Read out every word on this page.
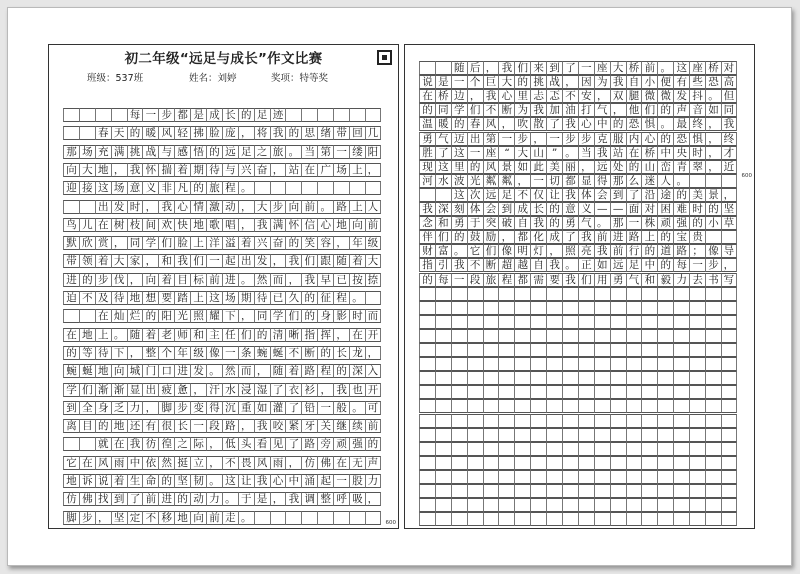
初二年级“远足与成长”作文比赛
班级：537班	姓名：刘婷	奖项：特等奖
每 一 步 都 是 成 长 的 足 迹
春 天 的 暖 风 轻 拂 脸 庞 ， 将 我 的 思 绪 带 回 几
那 场 充 满 挑 战 与 感 悟 的 远 足 之 旅 。 当 第 一 缕 阳
向 大 地 ， 我 怀 揣 着 期 待 与 兴 奋 ， 站 在 广 场 上 ，
迎 接 这 场 意 义 非 凡 的 旅 程 。
出 发 时 ， 我 心 情 激 动 ， 大 步 向 前 。 路 上 人
鸟 儿 在 树 枝 间 欢 快 地 歌 唱 ， 我 满 怀 信 心 地 向 前
默 欣 赏 ， 同 学 们 脸 上 洋 溢 着 兴 奋 的 笑 容 ， 年 级
带 领 着 大 家 ， 和 我 们 一 起 出 发 ， 我 们 跟 随 着 大
进 的 步 伐 ， 向 着 目 标 前 进 。 然 而 ， 我 早 已 按 捺
迫 不 及 待 地 想 要 踏 上 这 场 期 待 已 久 的 征 程 。
在 灿 烂 的 阳 光 照 耀 下 ， 同 学 们 的 身 影 时 而
在 地 上 。 随 着 老 师 和 主 任 们 的 清 晰 指 挥 ， 在 开
的 等 待 下 ， 整 个 年 级 像 一 条 蜿 蜒 不 断 的 长 龙 ，
蜿 蜒 地 向 城 门 口 进 发 。 然 而 ， 随 着 路 程 的 深 入
学 们 渐 渐 显 出 疲 惫 ， 汗 水 浸 湿 了 衣 衫 ， 我 也 开
到 全 身 乏 力 ， 脚 步 变 得 沉 重 如 灌 了 铅 一 般 。 可
离 目 的 地 还 有 很 长 一 段 路 ， 我 咬 紧 牙 关 继 续 前
就 在 我 彷 徨 之 际 ， 低 头 看 见 了 路 旁 顽 强 的
它 在 风 雨 中 依 然 挺 立 ， 不 畏 风 雨 ， 仿 佛 在 无 声
地 诉 说 着 生 命 的 坚 韧 。 这 让 我 心 中 涌 起 一 股 力
仿 佛 找 到 了 前 进 的 动 力 。 于 是 ， 我 调 整 呼 吸 ，
脚 步 ， 坚 定 不 移 地 向 前 走 。	600
随 后 ， 我 们 来 到 了 一 座 大 桥 前 。 这 座 桥 对
说 是 一 个 巨 大 的 挑 战 ， 因 为 我 自 小 便 有 些 恐 高
在 桥 边 ， 我 心 里 忐 忑 不 安 ， 双 腿 微 微 发 抖 。 但
的 同 学 们 不 断 为 我 加 油 打 气 ， 他 们 的 声 音 如 同
温 暖 的 春 风 ， 吹 散 了 我 心 中 的 恐 惧 。 最 终 ， 我
勇 气 迈 出 第 一 步 ， 一 步 步 克 服 内 心 的 恐 惧 ， 终
胜 了 这 一 座 “ 大 山 ” 。 当 我 站 在 桥 中 央 时 ， 才
现 这 里 的 风 景 如 此 美 丽 ， 远 处 的 山 峦 青 翠 ， 近
河 水 波 光 粼 粼 ， 一 切 都 显 得 那 么 迷 人 。
这 次 远 足 不 仅 让 我 体 会 到 了 沿 途 的 美 景 ，
我 深 刻 体 会 到 成 长 的 意 义 — — 面 对 困 难 时 的 坚
念 和 勇 于 突 破 自 我 的 勇 气 。 那 一 株 顽 强 的 小 草
伴 们 的 鼓 励 ， 都 化 成 了 我 前 进 路 上 的 宝 贵
财 富 。 它 们 像 明 灯 ， 照 亮 我 前 行 的 道 路 ； 像 导
指 引 我 不 断 超 越 自 我 。 正 如 远 足 中 的 每 一 步 ，
的 每 一 段 旅 程 都 需 要 我 们 用 勇 气 和 毅 力 去 书 写
600
